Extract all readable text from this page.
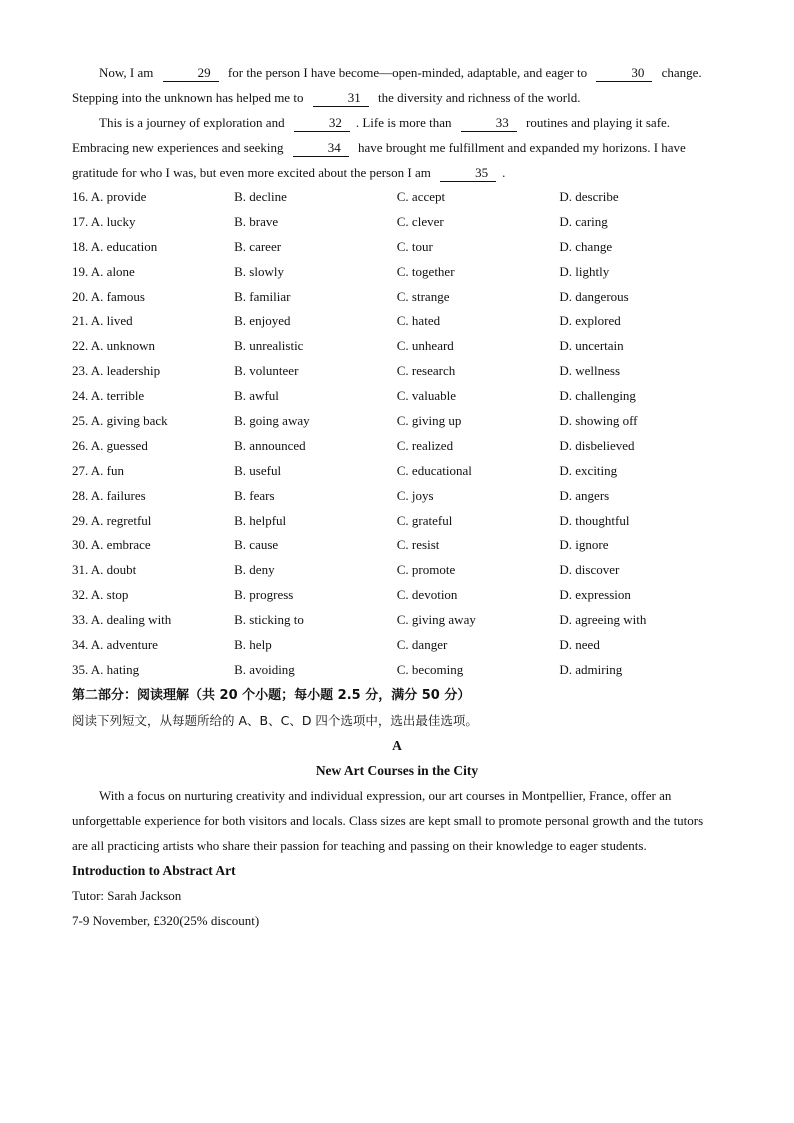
Now, I am	29 for the person I have become—open-minded, adaptable, and eager to	30 change. Stepping into the unknown has helped me to	31 the diversity and richness of the world.

This is a journey of exploration and	32 . Life is more than	33 routines and playing it safe. Embracing new experiences and seeking	34 have brought me fulfillment and expanded my horizons. I have gratitude for who I was, but even more excited about the person I am	35 .

16. A. provide	B. decline	C. accept	D. describe
17. A. lucky	B. brave	C. clever	D. caring
18. A. education	B. career	C. tour	D. change
19. A. alone	B. slowly	C. together	D. lightly
20. A. famous	B. familiar	C. strange	D. dangerous
21. A. lived	B. enjoyed	C. hated	D. explored
22. A. unknown	B. unrealistic	C. unheard	D. uncertain
23. A. leadership	B. volunteer	C. research	D. wellness
24. A. terrible	B. awful	C. valuable	D. challenging
25. A. giving back	B. going away	C. giving up	D. showing off
26. A. guessed	B. announced	C. realized	D. disbelieved
27. A. fun	B. useful	C. educational	D. exciting
28. A. failures	B. fears	C. joys	D. angers
29. A. regretful	B. helpful	C. grateful	D. thoughtful
30. A. embrace	B. cause	C. resist	D. ignore
31. A. doubt	B. deny	C. promote	D. discover
32. A. stop	B. progress	C. devotion	D. expression
33. A. dealing with	B. sticking to	C. giving away	D. agreeing with
34. A. adventure	B. help	C. danger	D. need
35. A. hating	B. avoiding	C. becoming	D. admiring

第二部分：阅读理解（共 20 个小题；每小题 2.5 分，满分 50 分）

阅读下列短文，从每题所给的 A、B、C、D 四个选项中，选出最佳选项。

A

New Art Courses in the City

With a focus on nurturing creativity and individual expression, our art courses in Montpellier, France, offer an unforgettable experience for both visitors and locals. Class sizes are kept small to promote personal growth and the tutors are all practicing artists who share their passion for teaching and passing on their knowledge to eager students.

Introduction to Abstract Art

Tutor: Sarah Jackson

7-9 November, £320(25% discount)
